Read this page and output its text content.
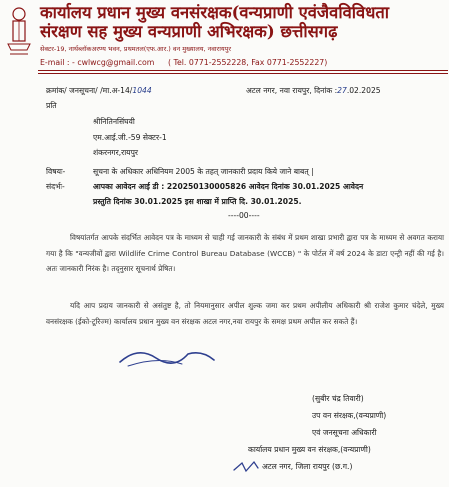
कार्यालय प्रधान मुख्य वनसंरक्षक(वन्यप्राणी एवंजैवविविधता
संरक्षण सह मुख्य वन्यप्राणी अभिरक्षक) छत्तीसगढ़
सेक्टर-19, नार्थब्लॉकअरण्य भवन, प्रथमतल(एफ.आर.) वन मुख्यालय, नवारायपुर
E-mail : - cwlwcg@gmail.com ( Tel. 0771-2552228, Fax 0771-2552227)
क्रमांक/ जनसूचना/ /मा.अ-14/1044	अटल नगर, नवा रायपुर, दिनांक :27.02.2025
प्रति
श्रीनितिनसिंघवी
एम.आई.जी.-59 सेक्टर-1
शंकरनगर,रायपुर
विषयः-	सूचना के अधिकार अधिनियम 2005 के तहत् जानकारी प्रदाय किये जाने बाबत् |
संदर्भः-	आपका आवेदन आई डी : 220250130005826 आवेदन दिनांक 30.01.2025 आवेदन
प्रस्तुति दिनांक 30.01.2025 इस शाखा में प्राप्ति दि. 30.01.2025.
----00----
विषयांतर्गत आपके संदर्भित आवेदन पत्र के माध्यम से चाही गई जानकारी के संबंध में प्रथम शाखा प्रभारी द्वारा पत्र के माध्यम से अवगत कराया गया है कि "वन्यजीवों द्वारा Wildlife Crime Control Bureau Database (WCCB) " के पोर्टल में वर्ष 2024 के डाटा एन्ट्री नहीं की गई है। अतः जानकारी निरंक है। तद्नुसार सूचनार्थ प्रेषित।
यदि आप प्रदाय जानकारी से असंतुष्ट है, तो नियमानुसार अपील शुल्क जमा कर प्रथम अपीलीय अधिकारी श्री राजेश कुमार चंदेले, मुख्य वनसंरक्षक (ईको-टूरिज्म) कार्यालय प्रधान मुख्य वन संरक्षक अटल नगर,नवा रायपुर के समक्ष प्रथम अपील कर सकते हैं।
(सुबीर चंद्र तिवारी)
उप वन संरक्षक,(वन्यप्राणी)
एवं जनसूचना अधिकारी
कार्यालय प्रधान मुख्य वन संरक्षक,(वन्यप्राणी)
अटल नगर, जिला रायपुर (छ.ग.)
